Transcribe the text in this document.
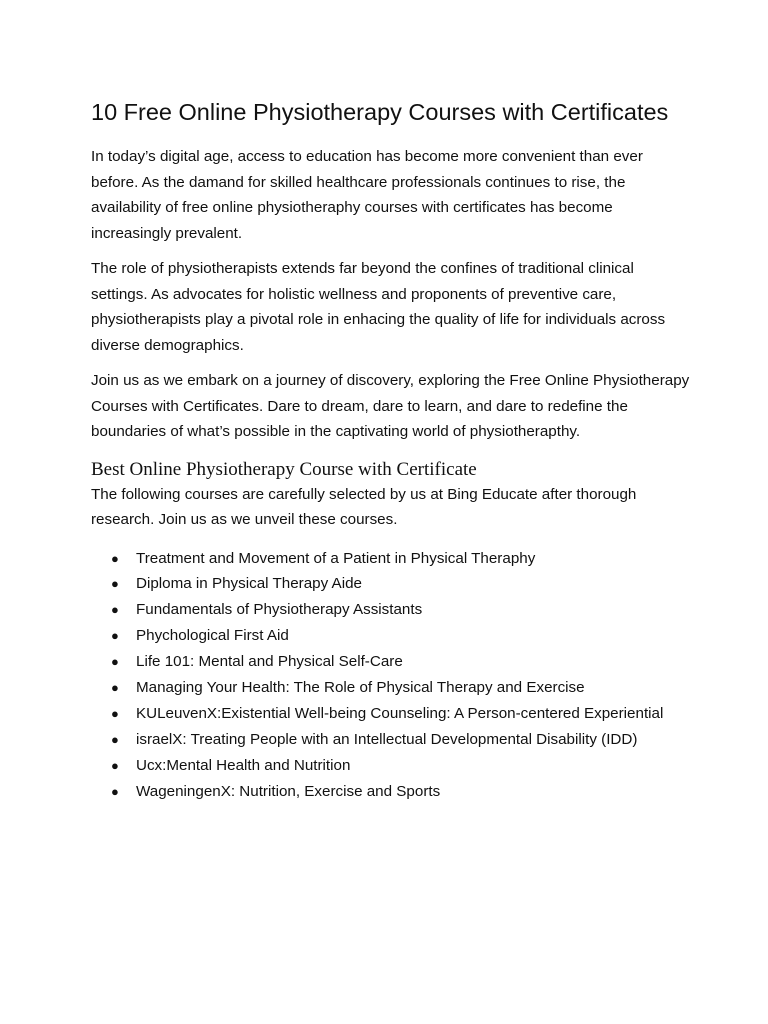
10 Free Online Physiotherapy Courses with Certificates

In today’s digital age, access to education has become more convenient than ever before. As the damand for skilled healthcare professionals continues to rise, the availability of free online physiotheraphy courses with certificates has become increasingly prevalent.

The role of physiotherapists extends far beyond the confines of traditional clinical settings. As advocates for holistic wellness and proponents of preventive care, physiotherapists play a pivotal role in enhacing the quality of life for individuals across diverse demographics.

Join us as we embark on a journey of discovery, exploring the Free Online Physiotherapy Courses with Certificates. Dare to dream, dare to learn, and dare to redefine the boundaries of what’s possible in the captivating world of physiotherapthy.

Best Online Physiotherapy Course with Certificate

The following courses are carefully selected by us at Bing Educate after thorough research. Join us as we unveil these courses.

● Treatment and Movement of a Patient in Physical Theraphy
● Diploma in Physical Therapy Aide
● Fundamentals of Physiotherapy Assistants
● Phychological First Aid
● Life 101: Mental and Physical Self-Care
● Managing Your Health: The Role of Physical Therapy and Exercise
● KULeuvenX:Existential Well-being Counseling: A Person-centered Experiential
● israelX: Treating People with an Intellectual Developmental Disability (IDD)
● Ucx:Mental Health and Nutrition
● WageningenX: Nutrition, Exercise and Sports
